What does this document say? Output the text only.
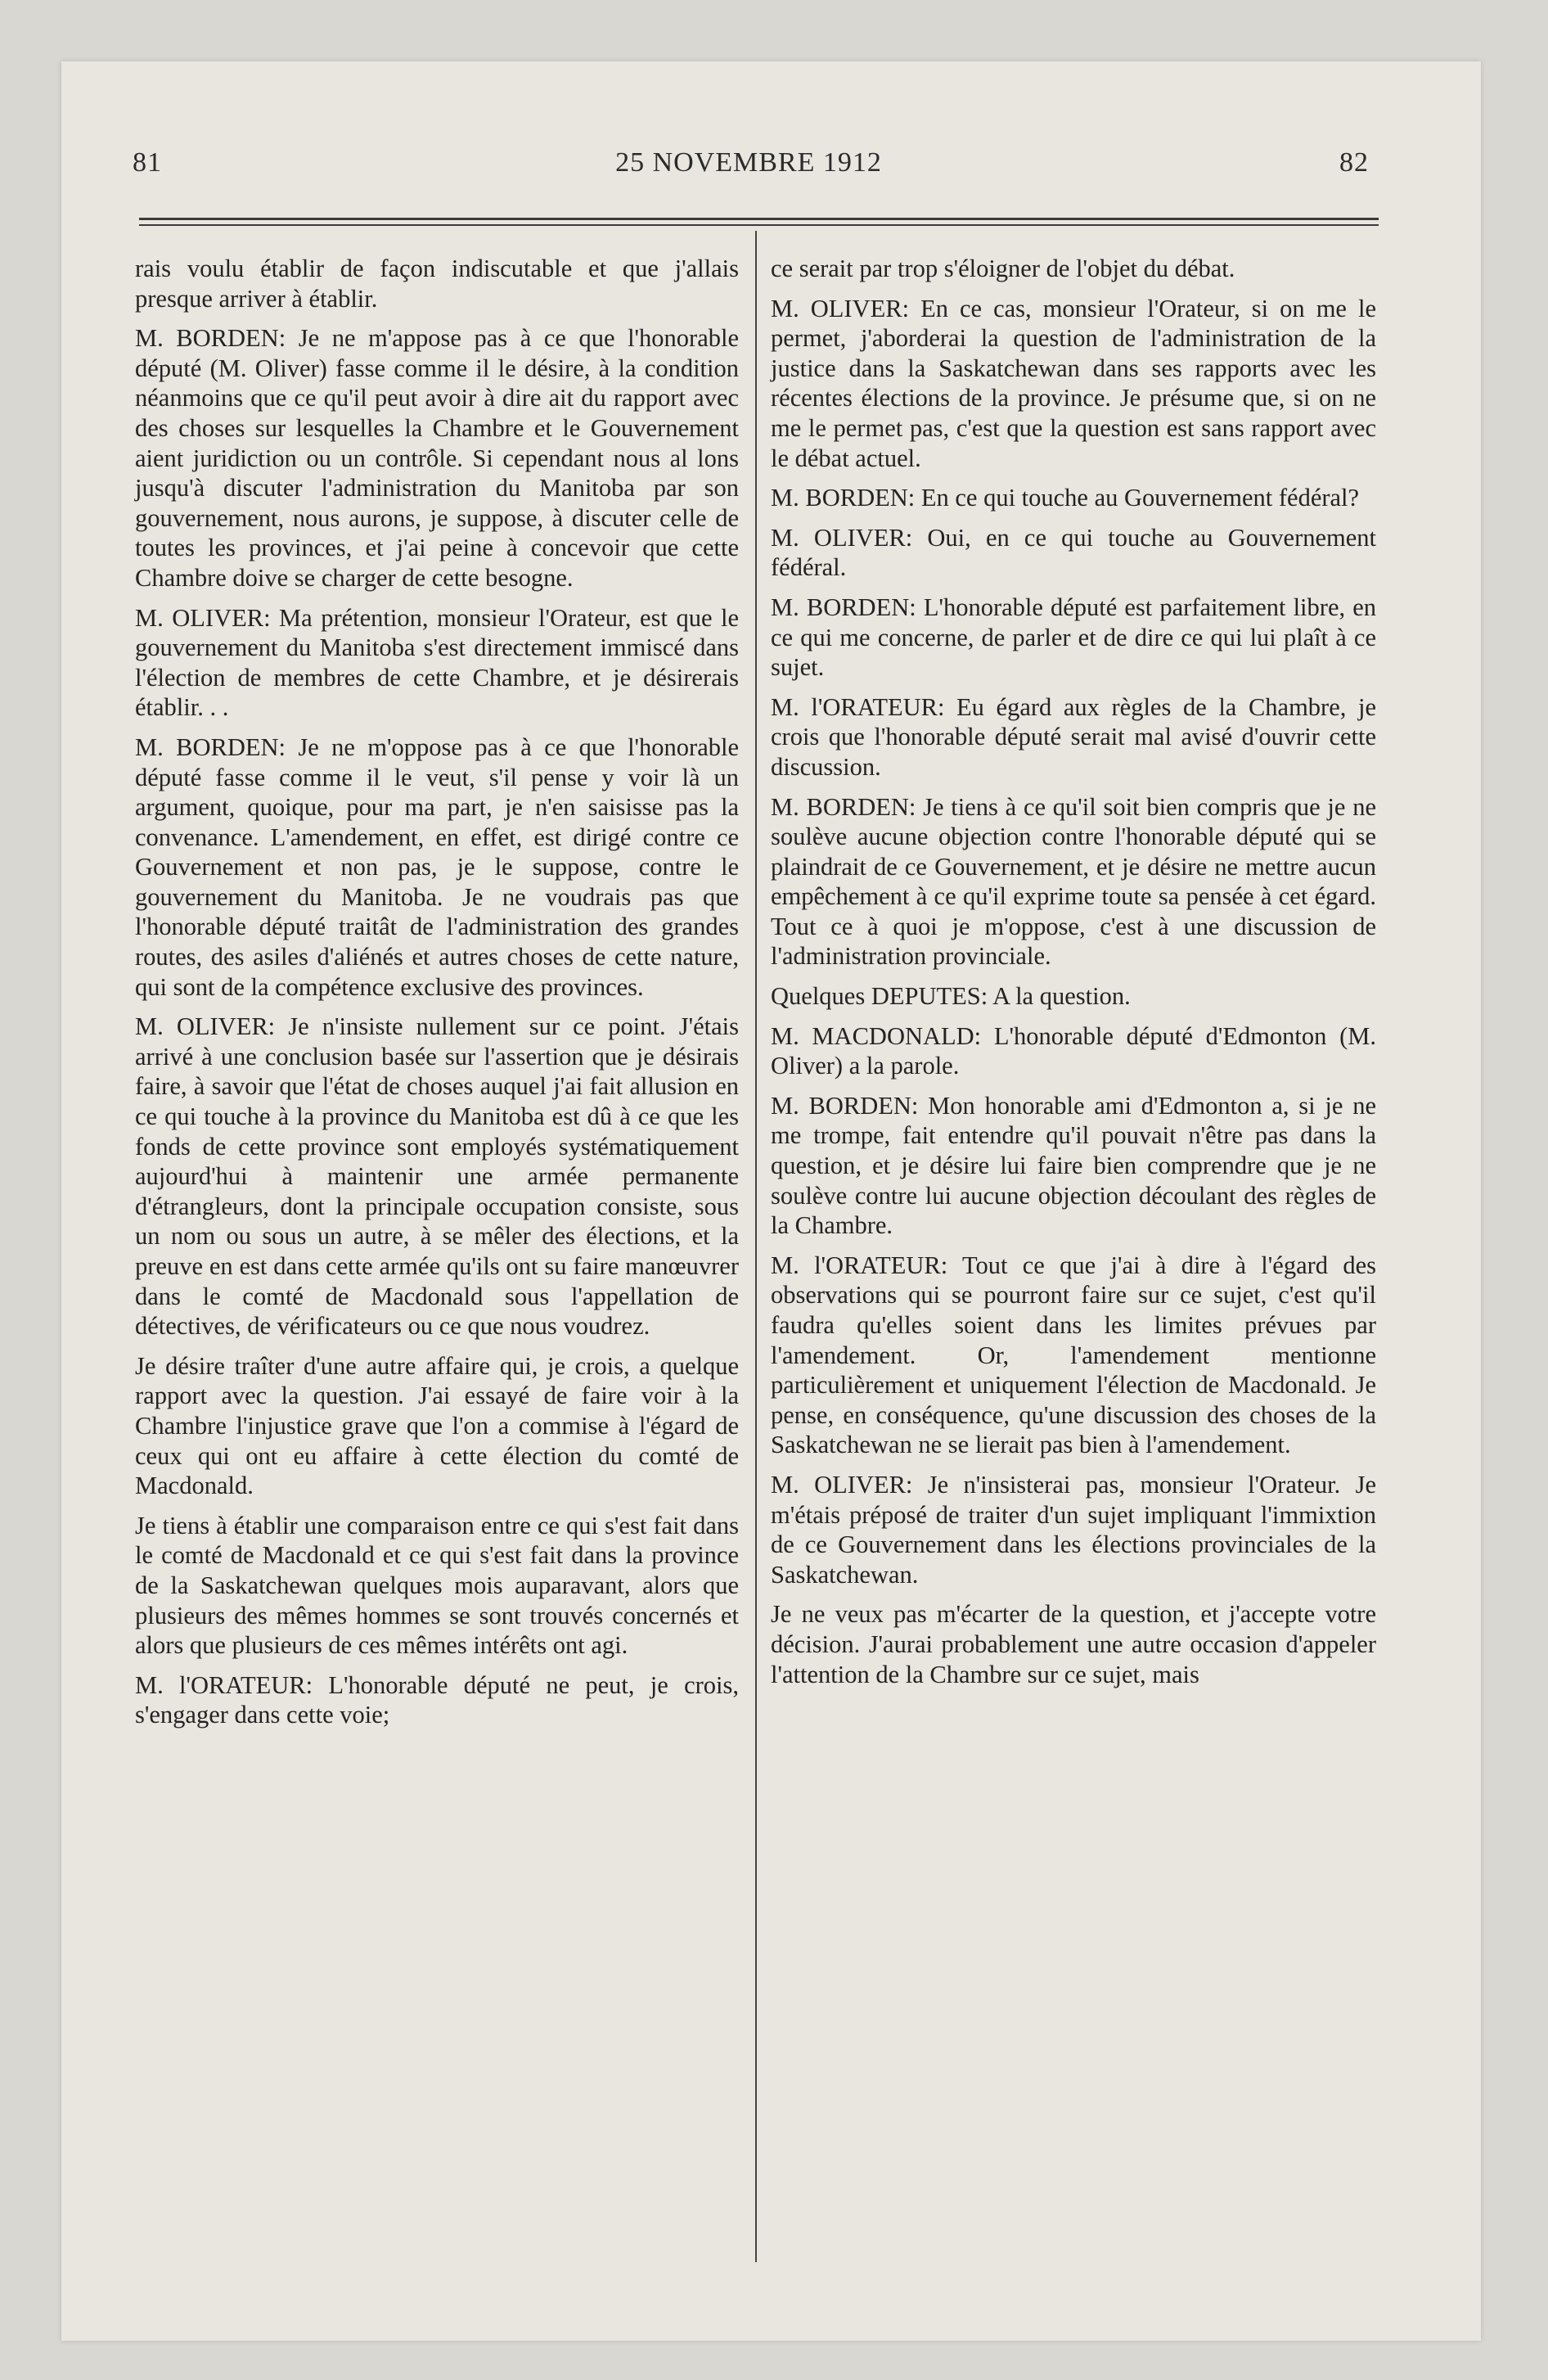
81	25 NOVEMBRE 1912	82

rais voulu établir de façon indiscutable et que j'allais presque arriver à établir.

M. BORDEN: Je ne m'appose pas à ce que l'honorable député (M. Oliver) fasse comme il le désire, à la condition néanmoins que ce qu'il peut avoir à dire ait du rapport avec des choses sur lesquelles la Chambre et le Gouvernement aient juridiction ou un contrôle. Si cependant nous al lons jusqu'à discuter l'administration du Manitoba par son gouvernement, nous aurons, je suppose, à discuter celle de toutes les provinces, et j'ai peine à concevoir que cette Chambre doive se charger de cette besogne.

M. OLIVER: Ma prétention, monsieur l'Orateur, est que le gouvernement du Manitoba s'est directement immiscé dans l'élection de membres de cette Chambre, et je désirerais établir. . .

M. BORDEN: Je ne m'oppose pas à ce que l'honorable député fasse comme il le veut, s'il pense y voir là un argument, quoique, pour ma part, je n'en saisisse pas la convenance. L'amendement, en effet, est dirigé contre ce Gouvernement et non pas, je le suppose, contre le gouvernement du Manitoba. Je ne voudrais pas que l'honorable député traitât de l'administration des grandes routes, des asiles d'aliénés et autres choses de cette nature, qui sont de la compétence exclusive des provinces.

M. OLIVER: Je n'insiste nullement sur ce point. J'étais arrivé à une conclusion basée sur l'assertion que je désirais faire, à savoir que l'état de choses auquel j'ai fait allusion en ce qui touche à la province du Manitoba est dû à ce que les fonds de cette province sont employés systématiquement aujourd'hui à maintenir une armée permanente d'étrangleurs, dont la principale occupation consiste, sous un nom ou sous un autre, à se mêler des élections, et la preuve en est dans cette armée qu'ils ont su faire manœuvrer dans le comté de Macdonald sous l'appellation de détectives, de vérificateurs ou ce que nous voudrez.

Je désire traîter d'une autre affaire qui, je crois, a quelque rapport avec la question. J'ai essayé de faire voir à la Chambre l'injustice grave que l'on a commise à l'égard de ceux qui ont eu affaire à cette élection du comté de Macdonald.

Je tiens à établir une comparaison entre ce qui s'est fait dans le comté de Macdonald et ce qui s'est fait dans la province de la Saskatchewan quelques mois auparavant, alors que plusieurs des mêmes hommes se sont trouvés concernés et alors que plusieurs de ces mêmes intérêts ont agi.

M. l'ORATEUR: L'honorable député ne peut, je crois, s'engager dans cette voie;

ce serait par trop s'éloigner de l'objet du débat.

M. OLIVER: En ce cas, monsieur l'Orateur, si on me le permet, j'aborderai la question de l'administration de la justice dans la Saskatchewan dans ses rapports avec les récentes élections de la province. Je présume que, si on ne me le permet pas, c'est que la question est sans rapport avec le débat actuel.

M. BORDEN: En ce qui touche au Gouvernement fédéral?

M. OLIVER: Oui, en ce qui touche au Gouvernement fédéral.

M. BORDEN: L'honorable député est parfaitement libre, en ce qui me concerne, de parler et de dire ce qui lui plaît à ce sujet.

M. l'ORATEUR: Eu égard aux règles de la Chambre, je crois que l'honorable député serait mal avisé d'ouvrir cette discussion.

M. BORDEN: Je tiens à ce qu'il soit bien compris que je ne soulève aucune objection contre l'honorable député qui se plaindrait de ce Gouvernement, et je désire ne mettre aucun empêchement à ce qu'il exprime toute sa pensée à cet égard. Tout ce à quoi je m'oppose, c'est à une discussion de l'administration provinciale.

Quelques DEPUTES: A la question.

M. MACDONALD: L'honorable député d'Edmonton (M. Oliver) a la parole.

M. BORDEN: Mon honorable ami d'Edmonton a, si je ne me trompe, fait entendre qu'il pouvait n'être pas dans la question, et je désire lui faire bien comprendre que je ne soulève contre lui aucune objection découlant des règles de la Chambre.

M. l'ORATEUR: Tout ce que j'ai à dire à l'égard des observations qui se pourront faire sur ce sujet, c'est qu'il faudra qu'elles soient dans les limites prévues par l'amendement. Or, l'amendement mentionne particulièrement et uniquement l'élection de Macdonald. Je pense, en conséquence, qu'une discussion des choses de la Saskatchewan ne se lierait pas bien à l'amendement.

M. OLIVER: Je n'insisterai pas, monsieur l'Orateur. Je m'étais préposé de traiter d'un sujet impliquant l'immixtion de ce Gouvernement dans les élections provinciales de la Saskatchewan.

Je ne veux pas m'écarter de la question, et j'accepte votre décision. J'aurai probablement une autre occasion d'appeler l'attention de la Chambre sur ce sujet, mais
